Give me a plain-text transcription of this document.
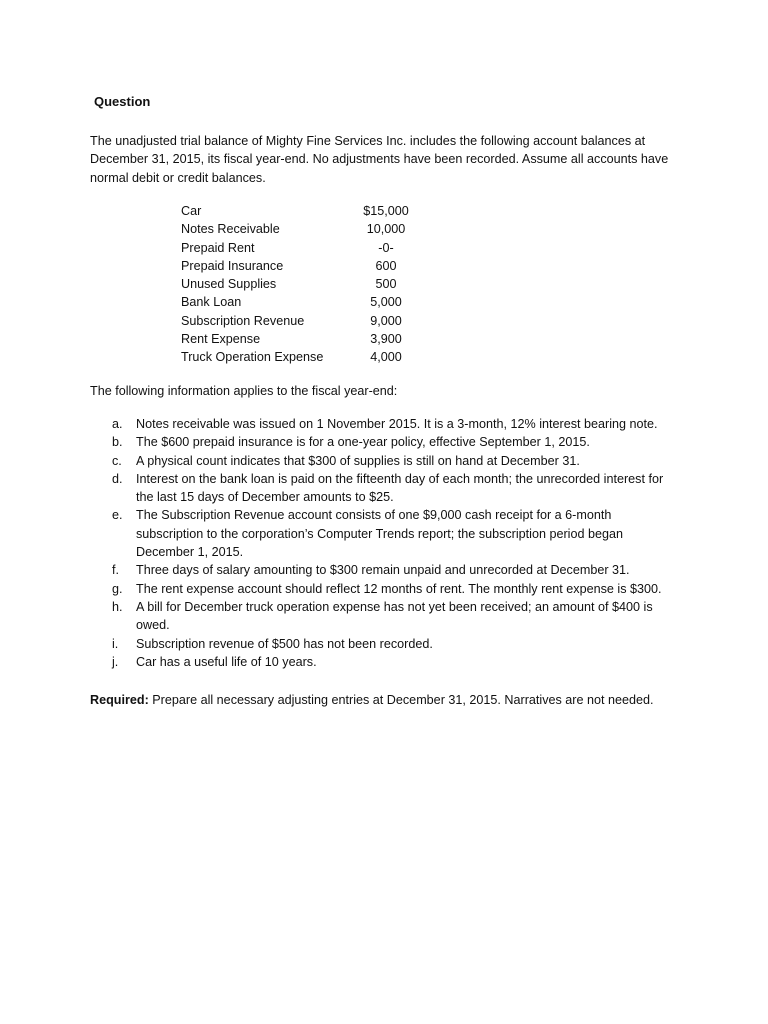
Question

The unadjusted trial balance of Mighty Fine Services Inc. includes the following account balances at December 31, 2015, its fiscal year-end. No adjustments have been recorded. Assume all accounts have normal debit or credit balances.

Car	$15,000
Notes Receivable	10,000
Prepaid Rent	-0-
Prepaid Insurance	600
Unused Supplies	500
Bank Loan	5,000
Subscription Revenue	9,000
Rent Expense	3,900
Truck Operation Expense	4,000
The following information applies to the fiscal year-end:
a.	Notes receivable was issued on 1 November 2015. It is a 3-month, 12% interest bearing note.
b.	The $600 prepaid insurance is for a one-year policy, effective September 1, 2015.
c.	A physical count indicates that $300 of supplies is still on hand at December 31.
d.	Interest on the bank loan is paid on the fifteenth day of each month; the unrecorded interest for the last 15 days of December amounts to $25.
e.	The Subscription Revenue account consists of one $9,000 cash receipt for a 6-month subscription to the corporation’s Computer Trends report; the subscription period began December 1, 2015.
f.	Three days of salary amounting to $300 remain unpaid and unrecorded at December 31.
g.	The rent expense account should reflect 12 months of rent. The monthly rent expense is $300.
h.	A bill for December truck operation expense has not yet been received; an amount of $400 is owed.
i.	Subscription revenue of $500 has not been recorded.
j.	Car has a useful life of 10 years.
Required: Prepare all necessary adjusting entries at December 31, 2015. Narratives are not needed.
